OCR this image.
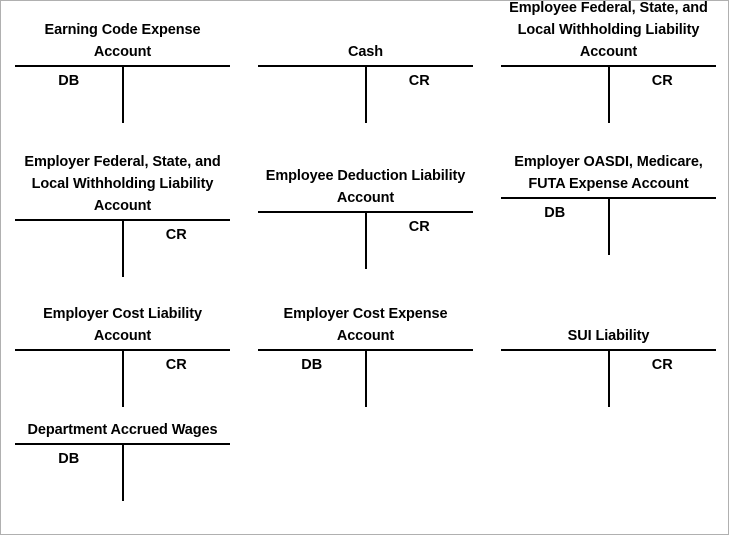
Earning Code Expense Account
DB
Cash
CR
Employee Federal, State, and Local Withholding Liability Account
CR
Employer Federal, State, and Local Withholding Liability Account
CR
Employee Deduction Liability Account
CR
Employer OASDI, Medicare, FUTA Expense Account
DB
Employer Cost Liability Account
CR
Employer Cost Expense Account
DB
SUI Liability
CR
Department Accrued Wages
DB
